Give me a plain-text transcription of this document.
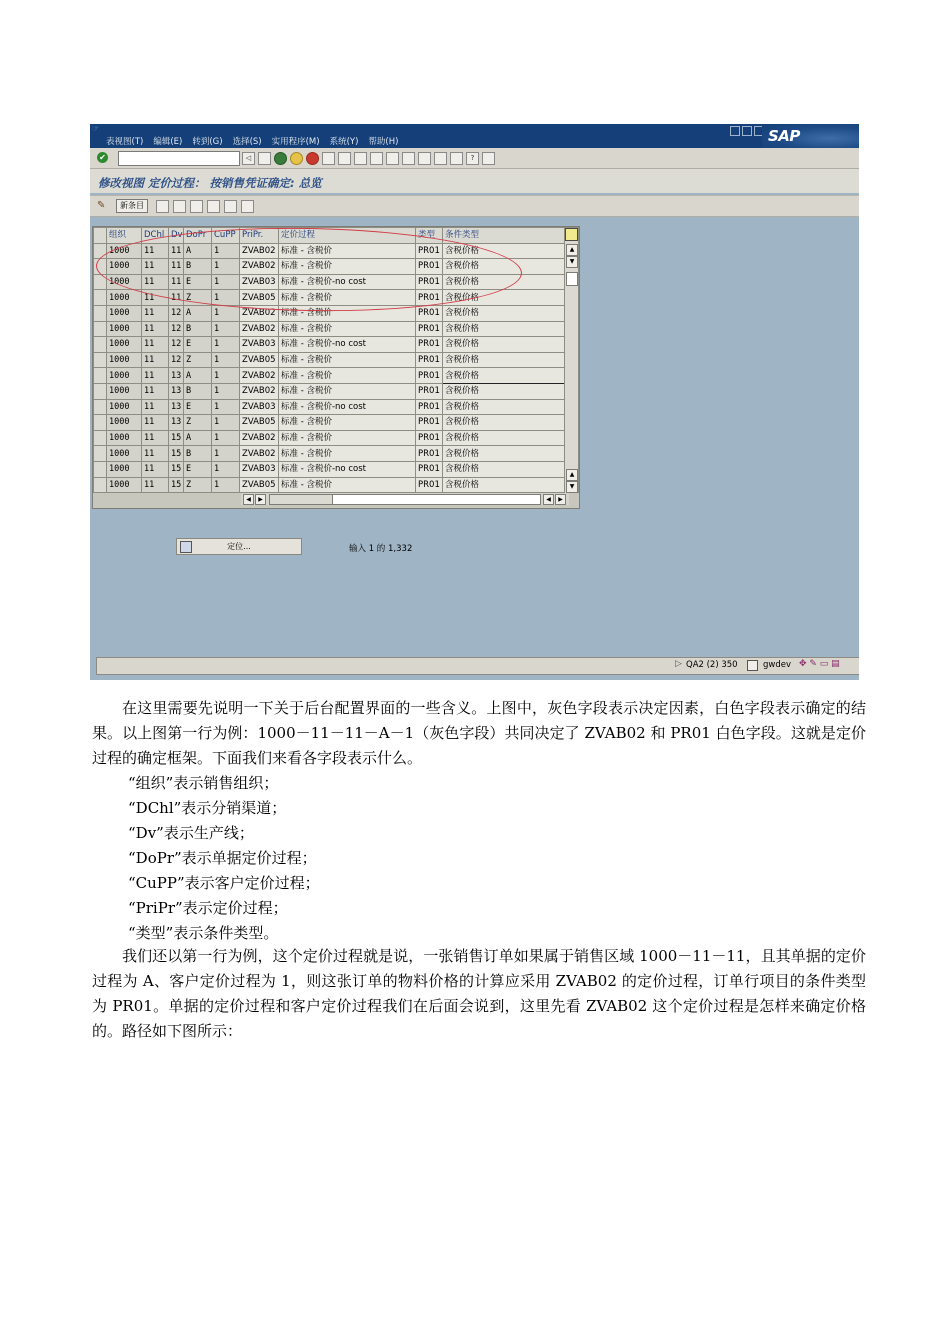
☞
表视图(T) 编辑(E) 转到(G) 选择(S) 实用程序(M) 系统(Y) 帮助(H)	SAP
✔	◁	?
修改视图 定价过程： 按销售凭证确定: 总览
✎	新条目
	组织	DChl	Dv	DoPr	CuPP	PriPr.	定价过程	类型	条件类型	
	1000	11	11	A	1	ZVAB02	标准 - 含税价	PR01	含税价格	
	1000	11	11	B	1	ZVAB02	标准 - 含税价	PR01	含税价格	
	1000	11	11	E	1	ZVAB03	标准 - 含税价-no cost	PR01	含税价格	
	1000	11	11	Z	1	ZVAB05	标准 - 含税价	PR01	含税价格	
	1000	11	12	A	1	ZVAB02	标准 - 含税价	PR01	含税价格	
	1000	11	12	B	1	ZVAB02	标准 - 含税价	PR01	含税价格	
	1000	11	12	E	1	ZVAB03	标准 - 含税价-no cost	PR01	含税价格	
	1000	11	12	Z	1	ZVAB05	标准 - 含税价	PR01	含税价格	
	1000	11	13	A	1	ZVAB02	标准 - 含税价	PR01	含税价格	
	1000	11	13	B	1	ZVAB02	标准 - 含税价	PR01	含税价格	
	1000	11	13	E	1	ZVAB03	标准 - 含税价-no cost	PR01	含税价格	
	1000	11	13	Z	1	ZVAB05	标准 - 含税价	PR01	含税价格	
	1000	11	15	A	1	ZVAB02	标准 - 含税价	PR01	含税价格	
	1000	11	15	B	1	ZVAB02	标准 - 含税价	PR01	含税价格	
	1000	11	15	E	1	ZVAB03	标准 - 含税价-no cost	PR01	含税价格	
	1000	11	15	Z	1	ZVAB05	标准 - 含税价	PR01	含税价格	
▲
▼
▲
▼
◀	▶	◀	▶
定位...	输入 1 的 1,332
▷ QA2 (2) 350	gwdev ✥ ✎ ▭ ▤

在这里需要先说明一下关于后台配置界面的一些含义。上图中，灰色字段表示决定因素，白色字段表示确定的结果。以上图第一行为例：1000－11－11－A－1（灰色字段）共同决定了 ZVAB02 和 PR01 白色字段。这就是定价过程的确定框架。下面我们来看各字段表示什么。

“组织”表示销售组织；

“DChl”表示分销渠道；

“Dv”表示生产线；

“DoPr”表示单据定价过程；

“CuPP”表示客户定价过程；

“PriPr”表示定价过程；

“类型”表示条件类型。

我们还以第一行为例，这个定价过程就是说，一张销售订单如果属于销售区域 1000－11－11，且其单据的定价过程为 A、客户定价过程为 1，则这张订单的物料价格的计算应采用 ZVAB02 的定价过程，订单行项目的条件类型为 PR01。单据的定价过程和客户定价过程我们在后面会说到，这里先看 ZVAB02 这个定价过程是怎样来确定价格的。路径如下图所示：
